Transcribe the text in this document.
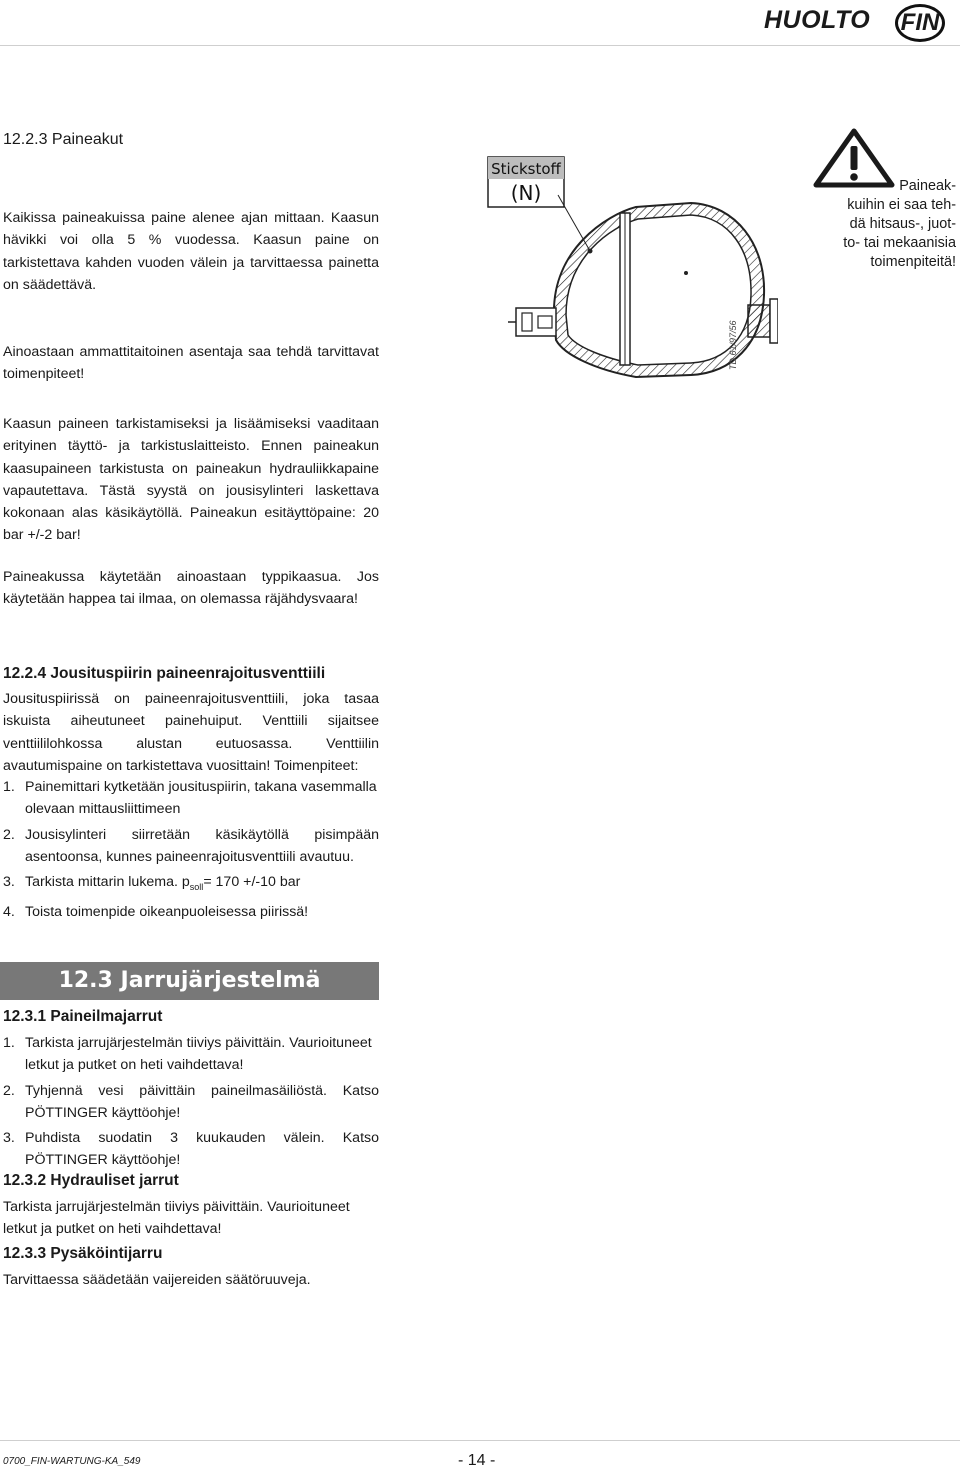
HUOLTO FIN
12.2.3 Paineakut

Kaikissa paineakuissa paine alenee ajan mittaan. Kaasun hävikki voi olla 5 % vuodessa. Kaasun paine on tarkistettava kahden vuoden välein ja tarvittaessa painetta on säädettävä.

Ainoastaan ammattitaitoinen asentaja saa tehdä tarvittavat toimenpiteet!

Kaasun paineen tarkistamiseksi ja lisäämiseksi vaaditaan erityinen täyttö- ja tarkistuslaitteisto. Ennen paineakun kaasupaineen tarkistusta on paineakun hydrauliikkapaine vapautettava. Tästä syystä on jousisylinteri laskettava kokonaan alas käsikäytöllä. Paineakun esitäyttöpaine: 20 bar +/-2 bar!

Paineakussa käytetään ainoastaan typpikaasua. Jos käytetään happea tai ilmaa, on olemassa räjähdysvaara!

Stickstoff
(N)
TD 61/97/56
Paineak-
kuihin ei saa teh-
dä hitsaus-, juot-
to- tai mekaanisia
toimenpiteitä!
12.2.4 Jousituspiirin paineenrajoitusventtiili

Jousituspiirissä on paineenrajoitusventtiili, joka tasaa iskuista aiheutuneet painehuiput. Venttiili sijaitsee venttiililohkossa alustan eutuosassa. Venttiilin avautumispaine on tarkistettava vuosittain! Toimenpiteet:

1. Painemittari kytketään jousituspiirin, takana vasemmalla olevaan mittausliittimeen
2. Jousisylinteri siirretään käsikäytöllä pisimpään asentoonsa, kunnes paineenrajoitusventtiili avautuu.
3. Tarkista mittarin lukema. $p_{soll}= 170 +/-10$ bar
4. Toista toimenpide oikeanpuoleisessa piirissä!
12.3 Jarrujärjestelmä
12.3.1 Paineilmajarrut
1. Tarkista jarrujärjestelmän tiiviys päivittäin. Vaurioituneet letkut ja putket on heti vaihdettava!
2. Tyhjennä vesi päivittäin paineilmasäiliöstä. Katso PÖTTINGER käyttöohje!
3. Puhdista suodatin 3 kuukauden välein. Katso PÖTTINGER käyttöohje!
12.3.2 Hydrauliset jarrut

Tarkista jarrujärjestelmän tiiviys päivittäin. Vaurioituneet letkut ja putket on heti vaihdettava!

12.3.3 Pysäköintijarru

Tarvittaessa säädetään vaijereiden säätöruuveja.

0700_FIN-WARTUNG-KA_549	- 14 -
